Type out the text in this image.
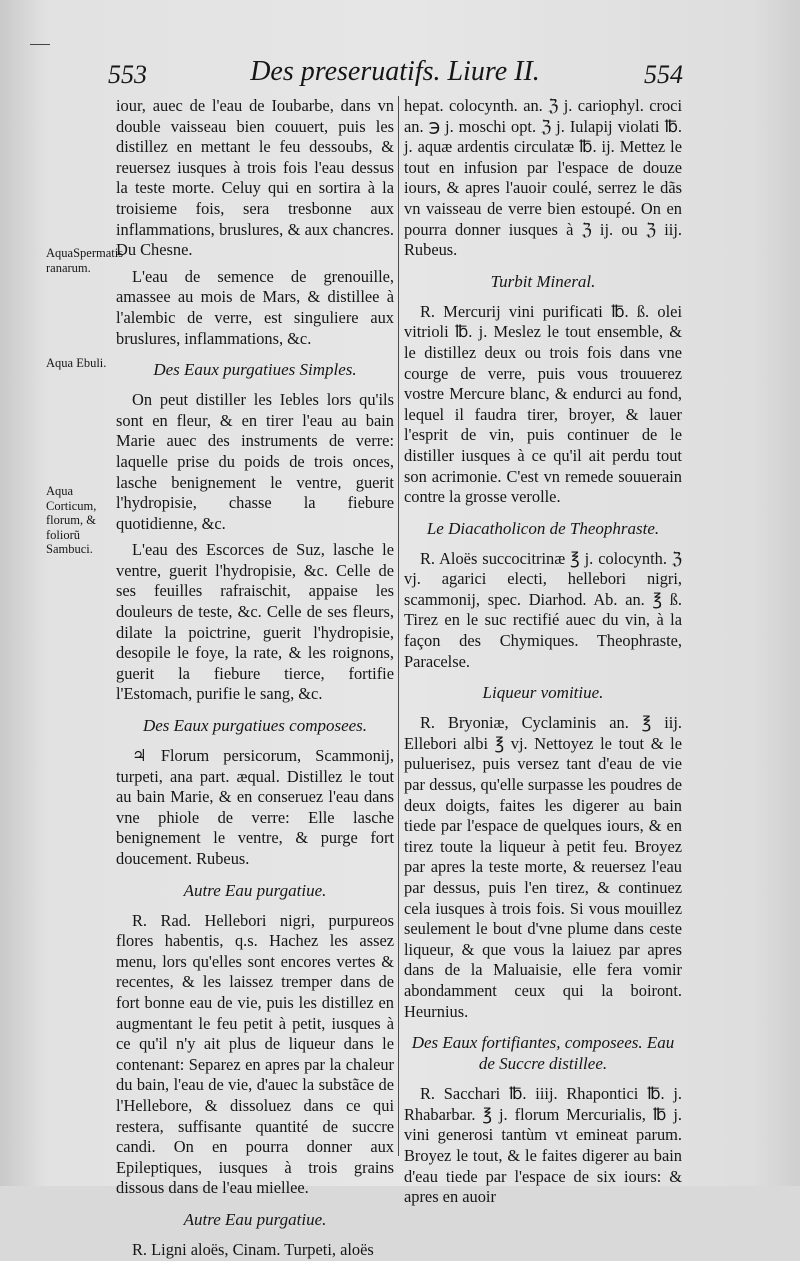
553	Des preseruatifs. Liure II.	554
AquaSpermatis ranarum.
Aqua Ebuli.
Aqua Corticum, florum, & foliorũ Sambuci.

iour, auec de l'eau de Ioubarbe, dans vn double vaisseau bien couuert, puis les distillez en mettant le feu dessoubs, & reuersez iusques à trois fois l'eau dessus la teste morte. Celuy qui en sortira à la troisieme fois, sera tresbonne aux inflammations, bruslures, & aux chancres. Du Chesne.

L'eau de semence de grenouille, amassee au mois de Mars, & distillee à l'alembic de verre, est singuliere aux bruslures, inflammations, &c.

Des Eaux purgatiues Simples.

On peut distiller les Iebles lors qu'ils sont en fleur, & en tirer l'eau au bain Marie auec des instruments de verre: laquelle prise du poids de trois onces, lasche benignement le ventre, guerit l'hydropisie, chasse la fiebure quotidienne, &c.

L'eau des Escorces de Suz, lasche le ventre, guerit l'hydropisie, &c. Celle de ses feuilles rafraischit, appaise les douleurs de teste, &c. Celle de ses fleurs, dilate la poictrine, guerit l'hydropisie, desopile le foye, la rate, & les roignons, guerit la fiebure tierce, fortifie l'Estomach, purifie le sang, &c.

Des Eaux purgatiues composees.

♃ Florum persicorum, Scammonij, turpeti, ana part. æqual. Distillez le tout au bain Marie, & en conseruez l'eau dans vne phiole de verre: Elle lasche benignement le ventre, & purge fort doucement. Rubeus.

Autre Eau purgatiue.

R. Rad. Hellebori nigri, purpureos flores habentis, q.s. Hachez les assez menu, lors qu'elles sont encores vertes & recentes, & les laissez tremper dans de fort bonne eau de vie, puis les distillez en augmentant le feu petit à petit, iusques à ce qu'il n'y ait plus de liqueur dans le contenant: Separez en apres par la chaleur du bain, l'eau de vie, d'auec la substãce de l'Hellebore, & dissoluez dans ce qui restera, suffisante quantité de succre candi. On en pourra donner aux Epileptiques, iusques à trois grains dissous dans de l'eau miellee.

Autre Eau purgatiue.

R. Ligni aloës, Cinam. Turpeti, aloës

hepat. colocynth. an. ℨ j. cariophyl. croci an. ℈ j. moschi opt. ℨ j. Iulapij violati ℔. j. aquæ ardentis circulatæ ℔. ij. Mettez le tout en infusion par l'espace de douze iours, & apres l'auoir coulé, serrez le dãs vn vaisseau de verre bien estoupé. On en pourra donner iusques à ℨ ij. ou ℨ iij. Rubeus.

Turbit Mineral.

R. Mercurij vini purificati ℔. ß. olei vitrioli ℔. j. Meslez le tout ensemble, & le distillez deux ou trois fois dans vne courge de verre, puis vous trouuerez vostre Mercure blanc, & endurci au fond, lequel il faudra tirer, broyer, & lauer l'esprit de vin, puis continuer de le distiller iusques à ce qu'il ait perdu tout son acrimonie. C'est vn remede souuerain contre la grosse verolle.

Le Diacatholicon de Theophraste.

R. Aloës succocitrinæ ℥ j. colocynth. ℨ vj. agarici electi, hellebori nigri, scammonij, spec. Diarhod. Ab. an. ℥ ß. Tirez en le suc rectifié auec du vin, à la façon des Chymiques. Theophraste, Paracelse.

Liqueur vomitiue.

R. Bryoniæ, Cyclaminis an. ℥ iij. Ellebori albi ℥ vj. Nettoyez le tout & le puluerisez, puis versez tant d'eau de vie par dessus, qu'elle surpasse les poudres de deux doigts, faites les digerer au bain tiede par l'espace de quelques iours, & en tirez toute la liqueur à petit feu. Broyez par apres la teste morte, & reuersez l'eau par dessus, puis l'en tirez, & continuez cela iusques à trois fois. Si vous mouillez seulement le bout d'vne plume dans ceste liqueur, & que vous la laiuez par apres dans de la Maluaisie, elle fera vomir abondamment ceux qui la boiront. Heurnius.

Des Eaux fortifiantes, composees. Eau de Succre distillee.

R. Sacchari ℔. iiij. Rhapontici ℔. j. Rhabarbar. ℥ j. florum Mercurialis, ℔ j. vini generosi tantùm vt emineat parum. Broyez le tout, & le faites digerer au bain d'eau tiede par l'espace de six iours: & apres en auoir
